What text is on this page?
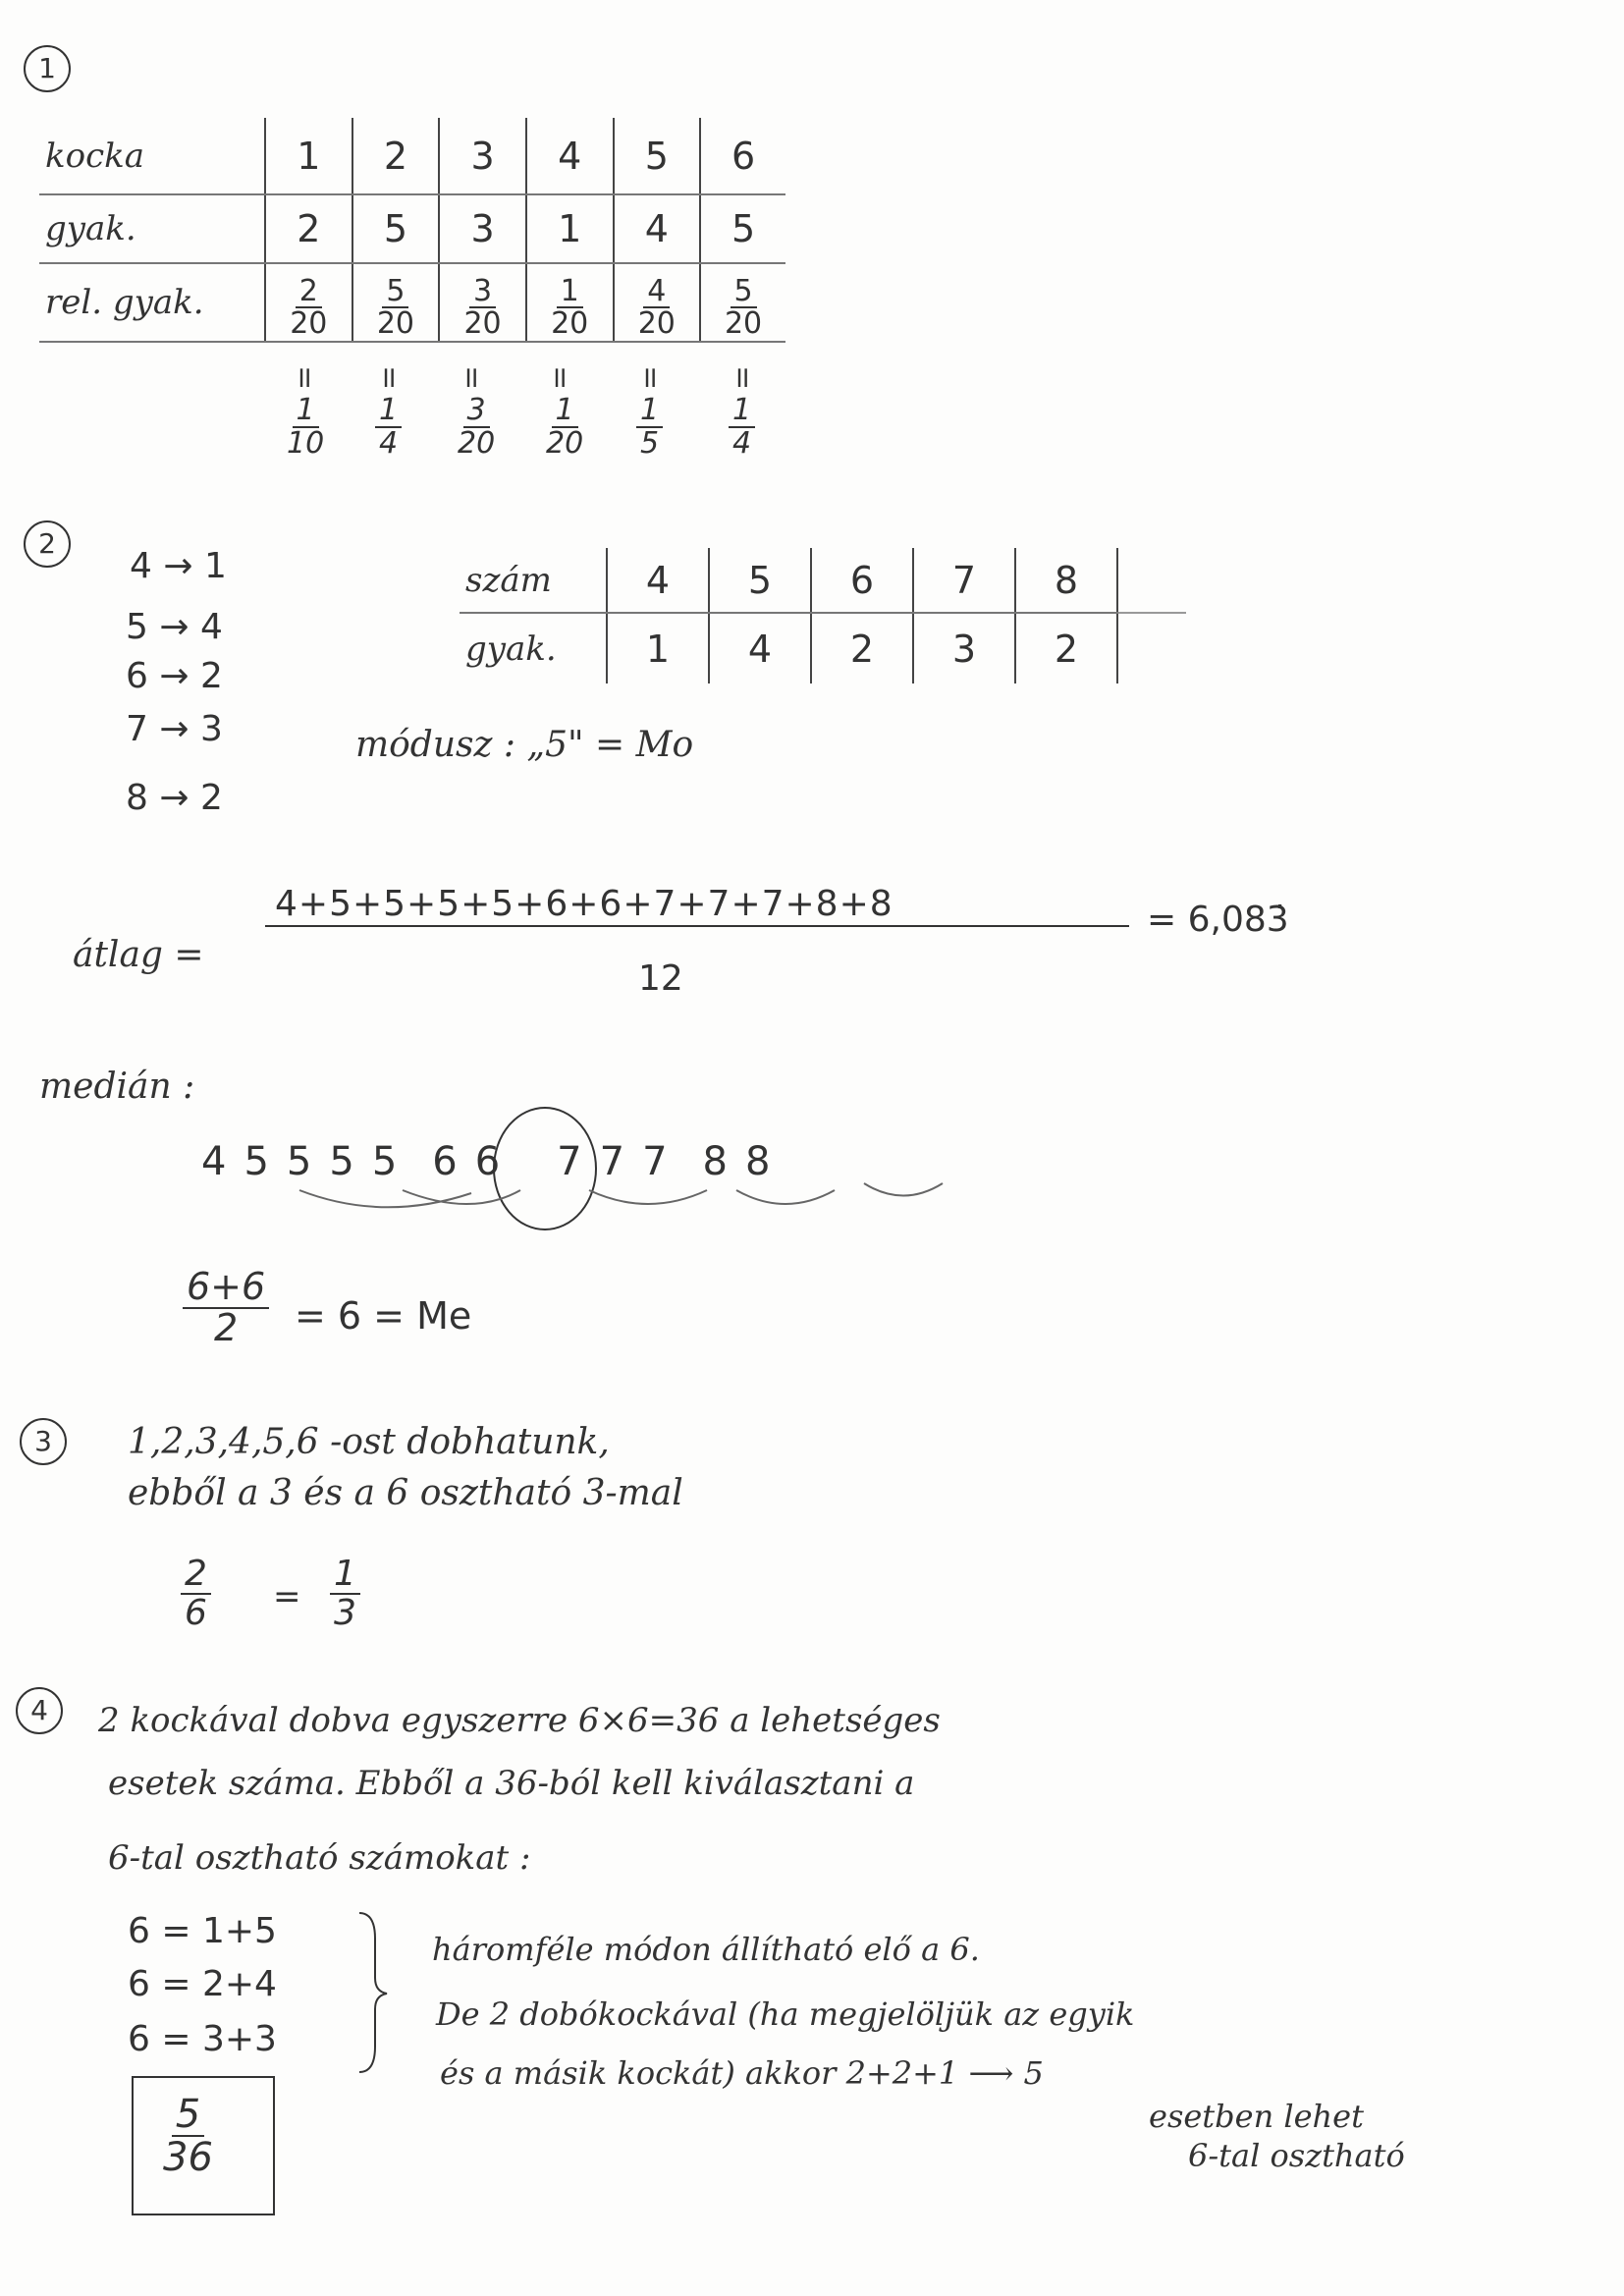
1
kocka	1	2	3	4	5	6
gyak.	2	5	3	1	4	5
rel. gyak.	$\frac{2}{20}$	$\frac{5}{20}$	$\frac{3}{20}$	$\frac{1}{20}$	$\frac{4}{20}$	$\frac{5}{20}$
॥ ॥ ॥ ॥ ॥	॥
$\frac{1}{10} \frac{1}{4} \frac{3}{20} \frac{1}{20} \frac{1}{5} \frac{1}{4}$
2
4 → 1
5 → 4
6 → 2
7 → 3
8 → 2
szám	4	5	6	7	8	
gyak.	1	4	2	3	2	
módusz : „5" = Mo
átlag =
4+5+5+5+5+6+6+7+7+7+8+8
12
= 6,083̇
medián :
4 5 5 5 5 6 6 7 7 7 8 8
$\frac{6+6}{2} = 6 = Me$
3	1,2,3,4,5,6 -ost dobhatunk,
ebből a 3 és a 6 osztható 3-mal
$\frac{2}{6} = \frac{1}{3}$
4	2 kockával dobva egyszerre 6×6=36 a lehetséges
esetek száma. Ebből a 36-ból kell kiválasztani a
6-tal osztható számokat :
6 = 1+5
6 = 2+4
6 = 3+3
háromféle módon állítható elő a 6.
De 2 dobókockával (ha megjelöljük az egyik
és a másik kockát) akkor 2+2+1 ⟶ 5
esetben lehet
6-tal osztható
$\frac{5}{36}$
